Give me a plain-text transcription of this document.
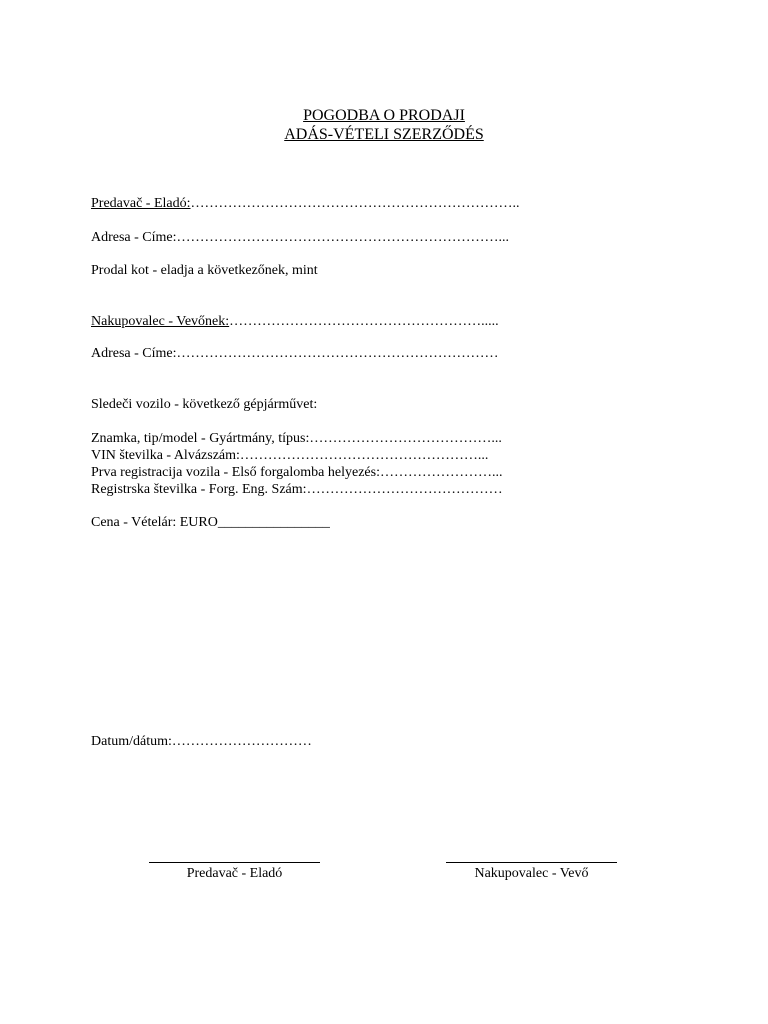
POGODBA O PRODAJI
ADÁS-VÉTELI SZERZŐDÉS
Predavač - Eladó:……………………………………………………………..
Adresa - Címe:……………………………………………………………...
Prodal kot - eladja a következőnek, mint
Nakupovalec - Vevőnek:……………………………………………….....
Adresa - Címe:……………………………………………………………
Sledeči vozilo - következő gépjárművet:
Znamka, tip/model - Gyártmány, típus:…………………………………...
VIN številka - Alvázszám:……………………………………………...
Prva registracija vozila - Első forgalomba helyezés:……………………...
Registrska številka - Forg. Eng. Szám:……………………………………
Cena - Vételár: EURO________________
Datum/dátum:…………………………
Predavač - Eladó	Nakupovalec - Vevő
